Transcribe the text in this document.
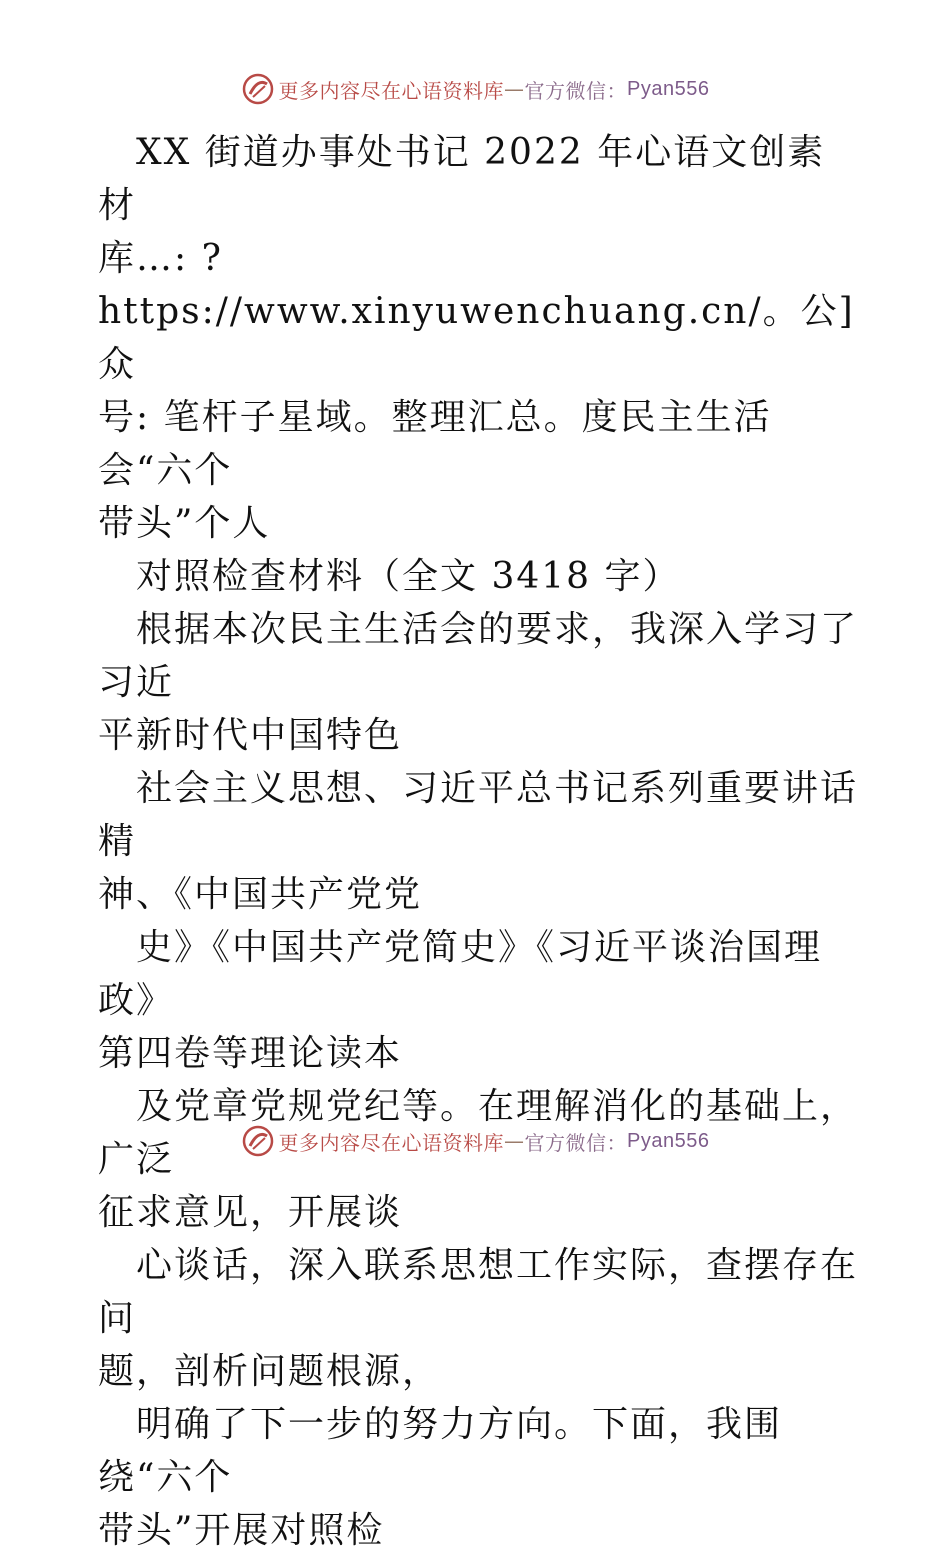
更多内容尽在心语资料库 — 官方微信： Pyan556

XX 街道办事处书记 2022 年心语文创素材

库…: ?https://www.xinyuwenchuang.cn/。公]众

号: 笔杆子星域。整理汇总。度民主生活会“六个

带头”个人

对照检查材料（全文 3418 字）

根据本次民主生活会的要求，我深入学习了习近

平新时代中国特色

社会主义思想、习近平总书记系列重要讲话精

神、《中国共产党党

史》《中国共产党简史》《习近平谈治国理政》

第四卷等理论读本

及党章党规党纪等。在理解消化的基础上，广泛

征求意见，开展谈

心谈话，深入联系思想工作实际，查摆存在问

题，剖析问题根源，

明确了下一步的努力方向。下面，我围绕“六个

带头”开展对照检

更多内容尽在心语资料库 — 官方微信： Pyan556
